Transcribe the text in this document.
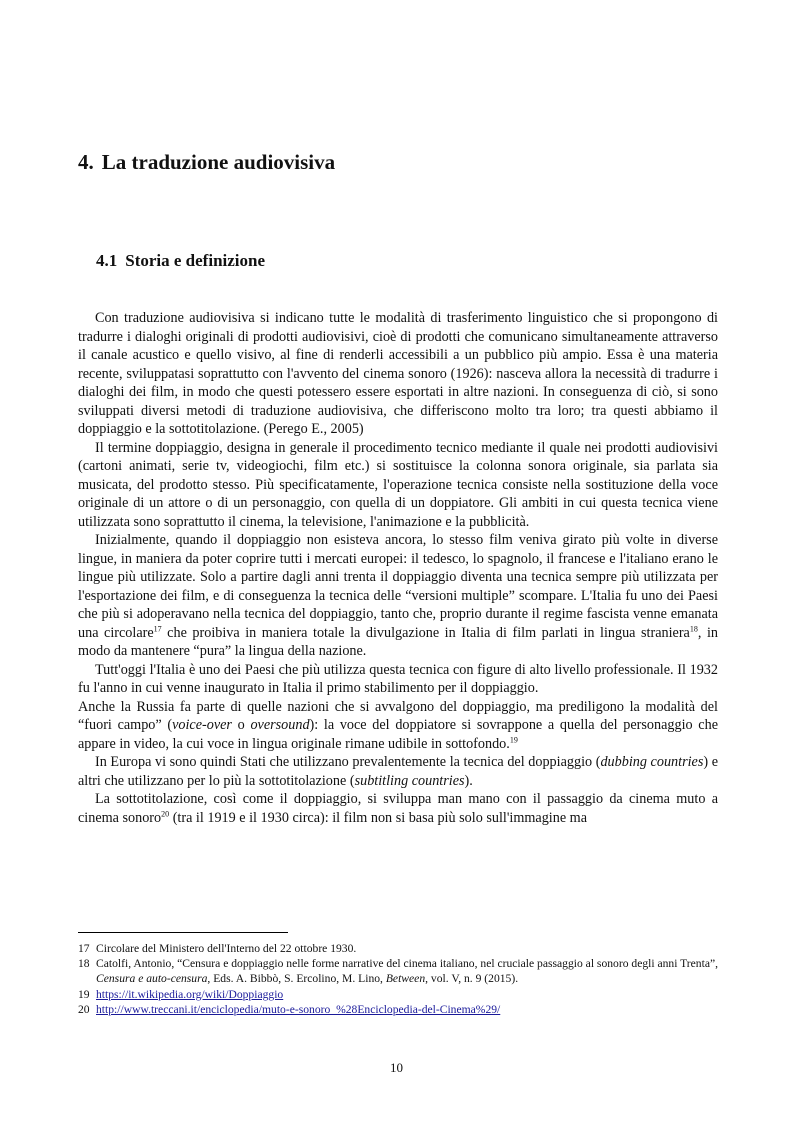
4. La traduzione audiovisiva
4.1 Storia e definizione

Con traduzione audiovisiva si indicano tutte le modalità di trasferimento linguistico che si propongono di tradurre i dialoghi originali di prodotti audiovisivi, cioè di prodotti che comunicano simultaneamente attraverso il canale acustico e quello visivo, al fine di renderli accessibili a un pubblico più ampio. Essa è una materia recente, sviluppatasi soprattutto con l'avvento del cinema sonoro (1926): nasceva allora la necessità di tradurre i dialoghi dei film, in modo che questi potessero essere esportati in altre nazioni. In conseguenza di ciò, si sono sviluppati diversi metodi di traduzione audiovisiva, che differiscono molto tra loro; tra questi abbiamo il doppiaggio e la sottotitolazione. (Perego E., 2005)

Il termine doppiaggio, designa in generale il procedimento tecnico mediante il quale nei prodotti audiovisivi (cartoni animati, serie tv, videogiochi, film etc.) si sostituisce la colonna sonora originale, sia parlata sia musicata, del prodotto stesso. Più specificatamente, l'operazione tecnica consiste nella sostituzione della voce originale di un attore o di un personaggio, con quella di un doppiatore. Gli ambiti in cui questa tecnica viene utilizzata sono soprattutto il cinema, la televisione, l'animazione e la pubblicità.

Inizialmente, quando il doppiaggio non esisteva ancora, lo stesso film veniva girato più volte in diverse lingue, in maniera da poter coprire tutti i mercati europei: il tedesco, lo spagnolo, il francese e l'italiano erano le lingue più utilizzate. Solo a partire dagli anni trenta il doppiaggio diventa una tecnica sempre più utilizzata per l'esportazione dei film, e di conseguenza la tecnica delle “versioni multiple” scompare. L'Italia fu uno dei Paesi che più si adoperavano nella tecnica del doppiaggio, tanto che, proprio durante il regime fascista venne emanata una circolare$^{17}$ che proibiva in maniera totale la divulgazione in Italia di film parlati in lingua straniera$^{18}$, in modo da mantenere “pura” la lingua della nazione.

Tutt'oggi l'Italia è uno dei Paesi che più utilizza questa tecnica con figure di alto livello professionale. Il 1932 fu l'anno in cui venne inaugurato in Italia il primo stabilimento per il doppiaggio.

Anche la Russia fa parte di quelle nazioni che si avvalgono del doppiaggio, ma prediligono la modalità del “fuori campo” (voice-over o oversound): la voce del doppiatore si sovrappone a quella del personaggio che appare in video, la cui voce in lingua originale rimane udibile in sottofondo.$^{19}$

In Europa vi sono quindi Stati che utilizzano prevalentemente la tecnica del doppiaggio (dubbing countries) e altri che utilizzano per lo più la sottotitolazione (subtitling countries).

La sottotitolazione, così come il doppiaggio, si sviluppa man mano con il passaggio da cinema muto a cinema sonoro$^{20}$ (tra il 1919 e il 1930 circa): il film non si basa più solo sull'immagine ma

17 Circolare del Ministero dell'Interno del 22 ottobre 1930.
18 Catolfi, Antonio, “Censura e doppiaggio nelle forme narrative del cinema italiano, nel cruciale passaggio al sonoro degli anni Trenta”, Censura e auto-censura, Eds. A. Bibbò, S. Ercolino, M. Lino, Between, vol. V, n. 9 (2015).
19 https://it.wikipedia.org/wiki/Doppiaggio
20 http://www.treccani.it/enciclopedia/muto-e-sonoro_%28Enciclopedia-del-Cinema%29/
10
